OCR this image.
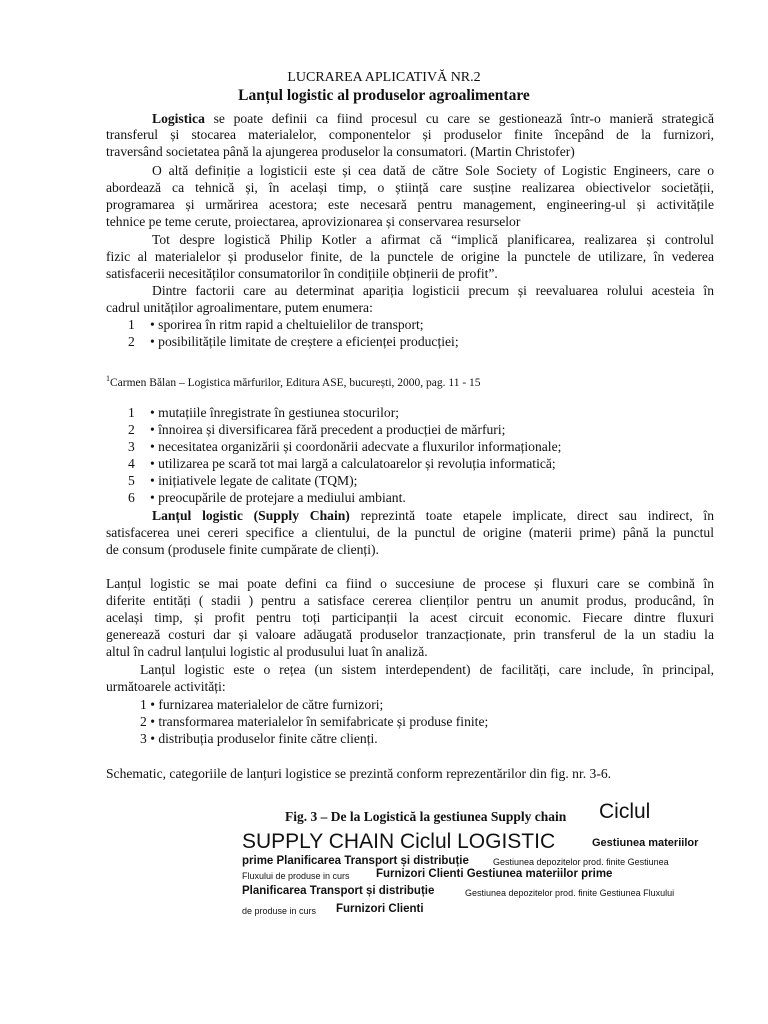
LUCRAREA APLICATIVĂ NR.2
Lanțul logistic al produselor agroalimentare
Logistica se poate definii ca fiind procesul cu care se gestionează într-o manieră strategică
transferul și stocarea materialelor, componentelor și produselor finite începând de la furnizori,
traversând societatea până la ajungerea produselor la consumatori. (Martin Christofer)
O altă definiție a logisticii este și cea dată de către Sole Society of Logistic Engineers, care o
abordează ca tehnică și, în același timp, o știință care susține realizarea obiectivelor societății,
programarea și urmărirea acestora; este necesară pentru management, engineering-ul și activitățile
tehnice pe teme cerute, proiectarea, aprovizionarea și conservarea resurselor
Tot despre logistică Philip Kotler a afirmat că “implică planificarea, realizarea și controlul
fizic al materialelor și produselor finite, de la punctele de origine la punctele de utilizare, în vederea
satisfacerii necesităților consumatorilor în condițiile obținerii de profit”.
Dintre factorii care au determinat apariția logisticii precum și reevaluarea rolului acesteia în
cadrul unităților agroalimentare, putem enumera:
1 • sporirea în ritm rapid a cheltuielilor de transport;
2 • posibilitățile limitate de creștere a eficienței producției;
$^1$Carmen Bălan – Logistica mărfurilor, Editura ASE, bucurești, 2000, pag. 11 - 15
1 • mutațiile înregistrate în gestiunea stocurilor;
2 • înnoirea și diversificarea fără precedent a producției de mărfuri;
3 • necesitatea organizării și coordonării adecvate a fluxurilor informaționale;
4 • utilizarea pe scară tot mai largă a calculatoarelor și revoluția informatică;
5 • inițiativele legate de calitate (TQM);
6 • preocupările de protejare a mediului ambiant.
Lanțul logistic (Supply Chain) reprezintă toate etapele implicate, direct sau indirect, în
satisfacerea unei cereri specifice a clientului, de la punctul de origine (materii prime) până la punctul
de consum (produsele finite cumpărate de clienți).
Lanțul logistic se mai poate defini ca fiind o succesiune de procese și fluxuri care se combină în
diferite entități ( stadii ) pentru a satisface cererea clienților pentru un anumit produs, producând, în
același timp, și profit pentru toți participanții la acest circuit economic. Fiecare dintre fluxuri
generează costuri dar și valoare adăugată produselor tranzacționate, prin transferul de la un stadiu la
altul în cadrul lanțului logistic al produsului luat în analiză.
Lanțul logistic este o rețea (un sistem interdependent) de facilități, care include, în principal,
următoarele activități:
1 • furnizarea materialelor de către furnizori;
2 • transformarea materialelor în semifabricate și produse finite;
3 • distribuția produselor finite către clienți.
Schematic, categoriile de lanțuri logistice se prezintă conform reprezentărilor din fig. nr. 3-6.
Fig. 3 – De la Logistică la gestiunea Supply chain Ciclul
SUPPLY CHAIN Ciclul LOGISTIC	Gestiunea materiilor
prime Planificarea Transport și distribuție	Gestiunea depozitelor prod. finite Gestiunea
Fluxului de produse in curs Furnizori Clienti Gestiunea materiilor prime
Planificarea Transport și distribuție	Gestiunea depozitelor prod. finite Gestiunea Fluxului
de produse in curs Furnizori Clienti
